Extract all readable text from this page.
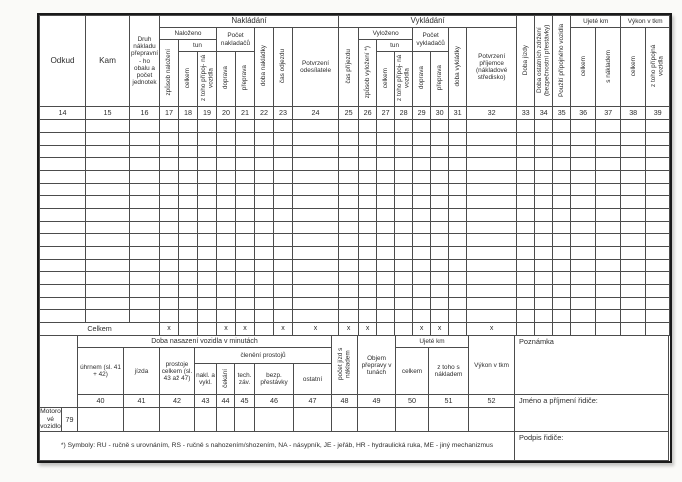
Odkud	Kam	Druh nákladu přepravní- ho obalu a počet jednotek	Nakládání								Vykládání								Doba jízdy	Doba ostatních zdržení (bezpečnostní přestávky)	Použití přípojného vozidla	Ujeté km		Výkon v tkm	
			Naloženo			Počet nakladačů		doba nakládky	čas odjezdu	Potvrzení odesílatele	čas příjezdu	Vyloženo			Počet vykladačů		doba vykládky	Potvrzení příjemce (nákladové středisko)				celkem	s nákladem	celkem	z toho přípojná vozidla
			způsob naložení	tun								způsob vyložení *)	tun												
				celkem	z toho přípoj- ná vozidla	doprava	přeprava						celkem	z toho přípoj- ná vozidla	doprava	přeprava									
14	15	16	17	18	19	20	21	22	23	24	25	26	27	28	29	30	31	32	33	34	35	36	37	38	39

Celkem			x			x	x		x	x	x	x			x	x		x							
		Doba nasazení vozidla v minutách								počet jízd s nákladem	Objem přepravy v tunách	Ujeté km		Výkon v tkm	Poznámka
		úhrnem (sl. 41 + 42)	jízda	prostoje celkem (sl. 43 až 47)	členění prostojů							celkem	z toho s nákladem		
					nakl. a vykl.	čekání	tech. záv.	bezp. přestávky	ostatní						
		40	41	42	43	44	45	46	47	48	49	50	51	52	Jméno a příjmení řidiče:
Motorové vozidlo	79														
*) Symboly: RU - ručně s urovnáním, RS - ručně s nahozením/shozením, NA - násypník, JE - jeřáb, HR - hydraulická ruka, ME - jiný mechanizmus															Podpis řidiče:
